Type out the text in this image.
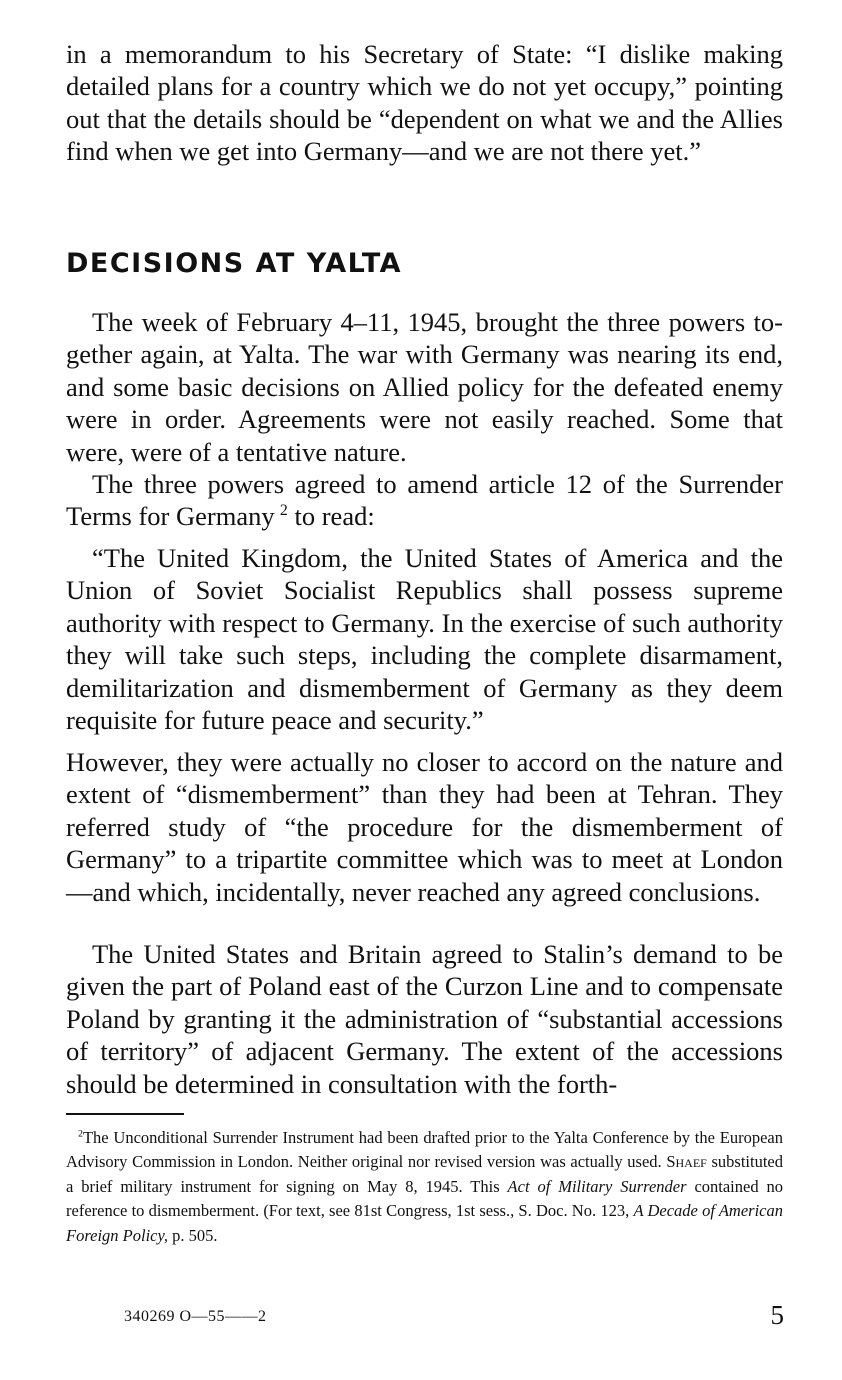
in a memorandum to his Secretary of State: “I dislike making detailed plans for a country which we do not yet occupy,” pointing out that the details should be “dependent on what we and the Allies find when we get into Germany—and we are not there yet.”

DECISIONS AT YALTA

The week of February 4–11, 1945, brought the three powers together again, at Yalta. The war with Germany was nearing its end, and some basic decisions on Allied policy for the defeated enemy were in order. Agreements were not easily reached. Some that were, were of a tentative nature.

The three powers agreed to amend article 12 of the Surrender Terms for Germany  $^2$ to read:

“The United Kingdom, the United States of America and the Union of Soviet Socialist Republics shall possess supreme authority with respect to Germany. In the exercise of such authority they will take such steps, including the complete disarmament, demilitarization and dismemberment of Germany as they deem requisite for future peace and security.”

However, they were actually no closer to accord on the nature and extent of “dismemberment” than they had been at Tehran. They referred study of “the procedure for the dismemberment of Germany” to a tripartite committee which was to meet at London—and which, incidentally, never reached any agreed conclusions.

The United States and Britain agreed to Stalin’s demand to be given the part of Poland east of the Curzon Line and to compensate Poland by granting it the administration of “substantial accessions of territory” of adjacent Germany. The extent of the accessions should be determined in consultation with the forth-

$^2$The Unconditional Surrender Instrument had been drafted prior to the Yalta Conference by the European Advisory Commission in London. Neither original nor revised version was actually used. Shaef substituted a brief military instrument for signing on May 8, 1945. This Act of Military Surrender contained no reference to dismemberment. (For text, see 81st Congress, 1st sess., S. Doc. No. 123, A Decade of American Foreign Policy, p. 505.

340269 O—55——2	5
